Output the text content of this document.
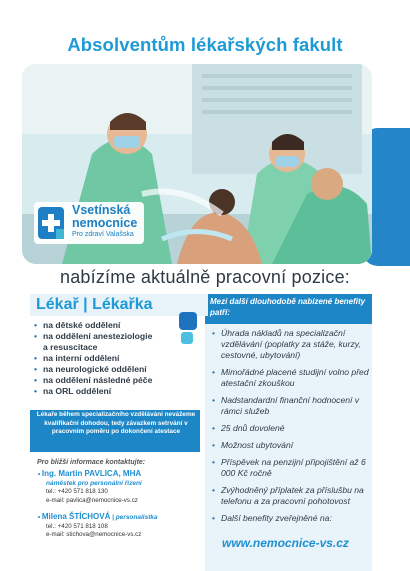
Absolventům lékařských fakult
Vsetínská
nemocnice
Pro zdraví Valašska
nabízíme aktuálně pracovní pozice:
Mezi další dlouhodobě nabízené benefity patří:
Lékař | Lékařka
• na dětské oddělení
• na oddělení anesteziologie
a resuscitace
• na interní oddělení
• na neurologické oddělení
• na oddělení následné péče
• na ORL oddělení
Lékaře během specializačního vzdělávání nevážeme kvalifikační dohodou, tedy závazkem setrvání v pracovním poměru po dokončení atestace
Pro bližší informace kontaktujte:
• Ing. Martin PAVLICA, MHA
náměstek pro personální řízení
tel.: +420 571 818 130
e-mail: pavlica@nemocnice-vs.cz
• Milena ŠTÍCHOVÁ | personalistka
tel.: +420 571 818 108
e-mail: stichova@nemocnice-vs.cz
• Úhrada nákladů na specializační vzdělávání (poplatky za stáže, kurzy, cestovné, ubytování)
• Mimořádné placené studijní volno před atestační zkouškou
• Nadstandardní finanční hodnocení v rámci služeb
• 25 dnů dovolené
• Možnost ubytování
• Příspěvek na penzijní připojištění až 6 000 Kč ročně
• Zvýhodněný příplatek za příslušbu na telefonu a za pracovní pohotovost
• Další benefity zveřejněné na:
www.nemocnice-vs.cz
